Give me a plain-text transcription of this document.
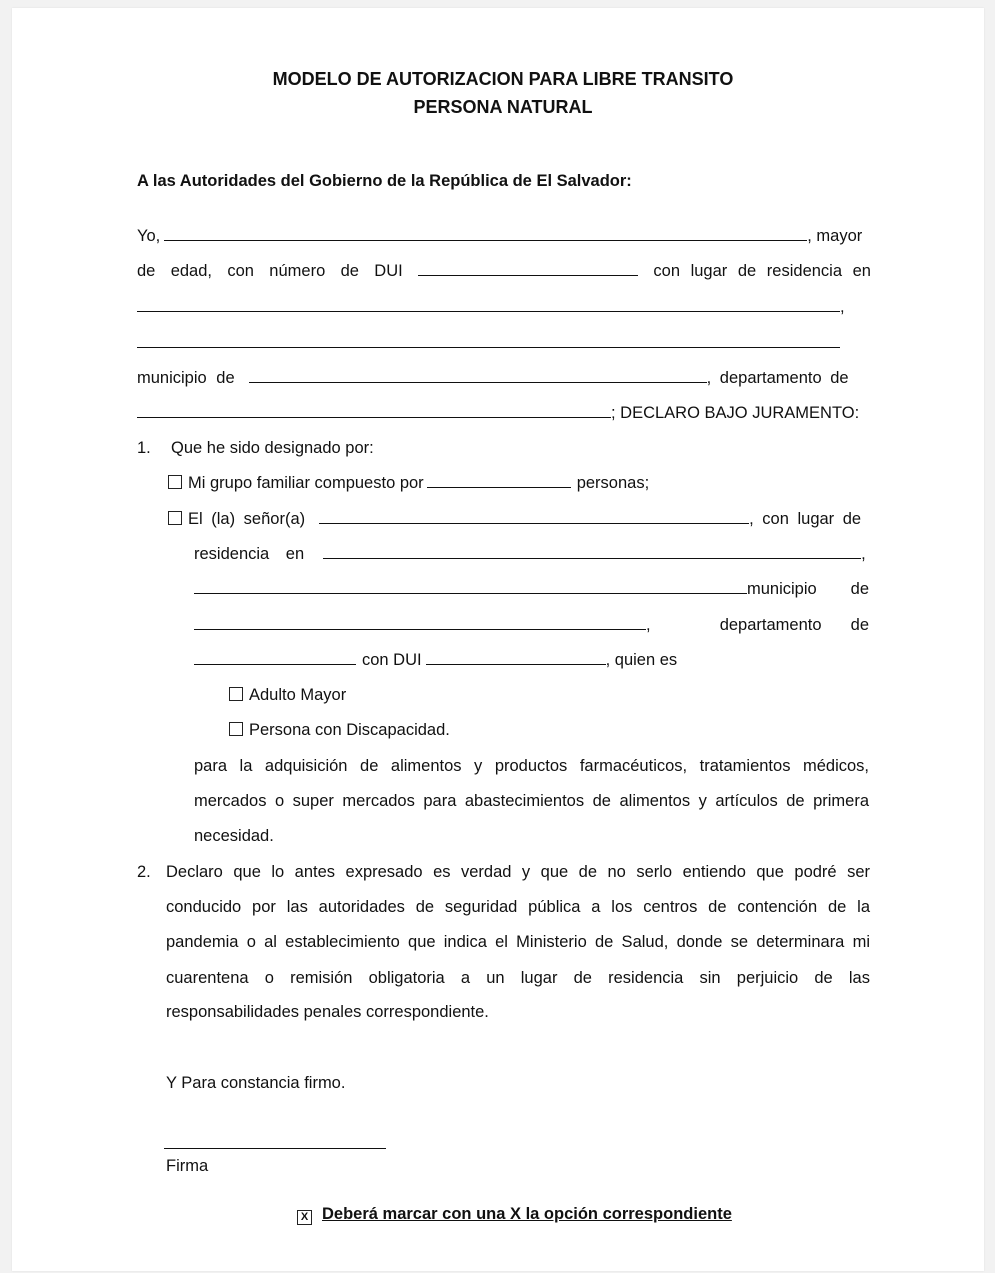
MODELO DE AUTORIZACION PARA LIBRE TRANSITO
PERSONA NATURAL
A las Autoridades del Gobierno de la República de El Salvador:
Yo,	, mayor
de edad, con número de DUI	con lugar de residencia en
,
municipio de	, departamento de
; DECLARO BAJO JURAMENTO:
1. Que he sido designado por:
Mi grupo familiar compuesto por	personas;
El (la) señor(a)	, con lugar de
residencia en	,
municipio de
,	departamento de
con DUI	, quien es
Adulto Mayor
Persona con Discapacidad.
para la adquisición de alimentos y productos farmacéuticos, tratamientos médicos,
mercados o super mercados para abastecimientos de alimentos y artículos de primera
necesidad.
2. Declaro que lo antes expresado es verdad y que de no serlo entiendo que podré ser
conducido por las autoridades de seguridad pública a los centros de contención de la
pandemia o al establecimiento que indica el Ministerio de Salud, donde se determinara mi
cuarentena o remisión obligatoria a un lugar de residencia sin perjuicio de las
responsabilidades penales correspondiente.
Y Para constancia firmo.
Firma
X Deberá marcar con una X la opción correspondiente
